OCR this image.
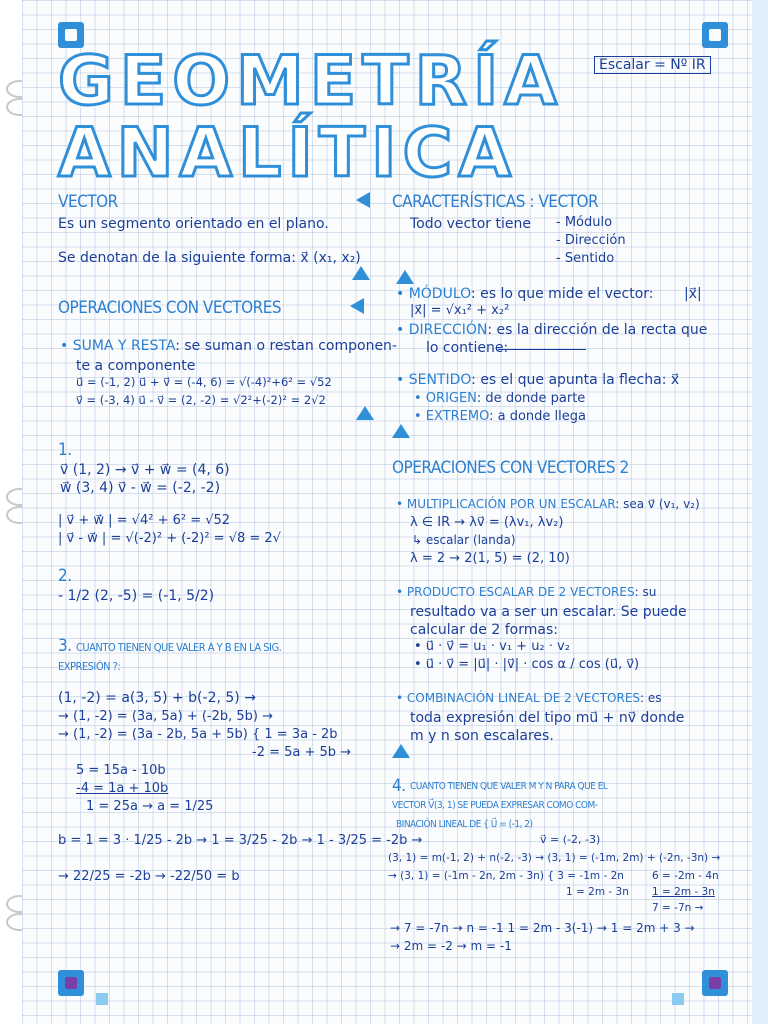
GEOMETRÍA
ANALÍTICA
Escalar = Nº IR
VECTOR
Es un segmento orientado en el plano.
Se denotan de la siguiente forma: x⃗ (x₁, x₂)
OPERACIONES CON VECTORES
• SUMA Y RESTA: se suman o restan componen-
te a componente
u⃗ = (-1, 2) u⃗ + v⃗ = (-4, 6) = √(-4)²+6² = √52
v⃗ = (-3, 4) u⃗ - v⃗ = (2, -2) = √2²+(-2)² = 2√2
1.
v⃗ (1, 2) → v⃗ + w⃗ = (4, 6)
w⃗ (3, 4) v⃗ - w⃗ = (-2, -2)
| v⃗ + w⃗ | = √4² + 6² = √52
| v⃗ - w⃗ | = √(-2)² + (-2)² = √8 = 2√
2.
- 1/2 (2, -5) = (-1, 5/2)
3. CUANTO TIENEN QUE VALER A Y B EN LA SIG.
EXPRESIÓN ?:
(1, -2) = a(3, 5) + b(-2, 5) →
→ (1, -2) = (3a, 5a) + (-2b, 5b) →
→ (1, -2) = (3a - 2b, 5a + 5b) { 1 = 3a - 2b
-2 = 5a + 5b →
5 = 15a - 10b
-4 = 1a + 10b
1 = 25a → a = 1/25
b = 1 = 3 · 1/25 - 2b → 1 = 3/25 - 2b → 1 - 3/25 = -2b →
→ 22/25 = -2b → -22/50 = b
CARACTERÍSTICAS : VECTOR
Todo vector tiene - Módulo
- Dirección
- Sentido
• MÓDULO: es lo que mide el vector: |x⃗|
|x⃗| = √x₁² + x₂²
• DIRECCIÓN: es la dirección de la recta que
lo contiene:
• SENTIDO: es el que apunta la flecha: x⃗
• ORIGEN: de donde parte
• EXTREMO: a donde llega
OPERACIONES CON VECTORES 2
• MULTIPLICACIÓN POR UN ESCALAR: sea v⃗ (v₁, v₂)
λ ∈ IR → λv⃗ = (λv₁, λv₂)
↳ escalar (landa)
λ = 2 → 2(1, 5) = (2, 10)
• PRODUCTO ESCALAR DE 2 VECTORES: su
resultado va a ser un escalar. Se puede
calcular de 2 formas:
• u⃗ · v⃗ = u₁ · v₁ + u₂ · v₂
• u⃗ · v⃗ = |u⃗| · |v⃗| · cos α / cos (u⃗, v⃗)
• COMBINACIÓN LINEAL DE 2 VECTORES: es
toda expresión del tipo mu⃗ + nv⃗ donde
m y n son escalares.
4. CUANTO TIENEN QUE VALER M Y N PARA QUE EL
VECTOR V⃗(3, 1) SE PUEDA EXPRESAR COMO COM-
BINACIÓN LINEAL DE { U⃗ = (-1, 2)
v⃗ = (-2, -3)
(3, 1) = m(-1, 2) + n(-2, -3) → (3, 1) = (-1m, 2m) + (-2n, -3n) →
→ (3, 1) = (-1m - 2n, 2m - 3n) { 3 = -1m - 2n
1 = 2m - 3n
6 = -2m - 4n
1 = 2m - 3n
7 = -7n →
→ 7 = -7n → n = -1 1 = 2m - 3(-1) → 1 = 2m + 3 →
→ 2m = -2 → m = -1
